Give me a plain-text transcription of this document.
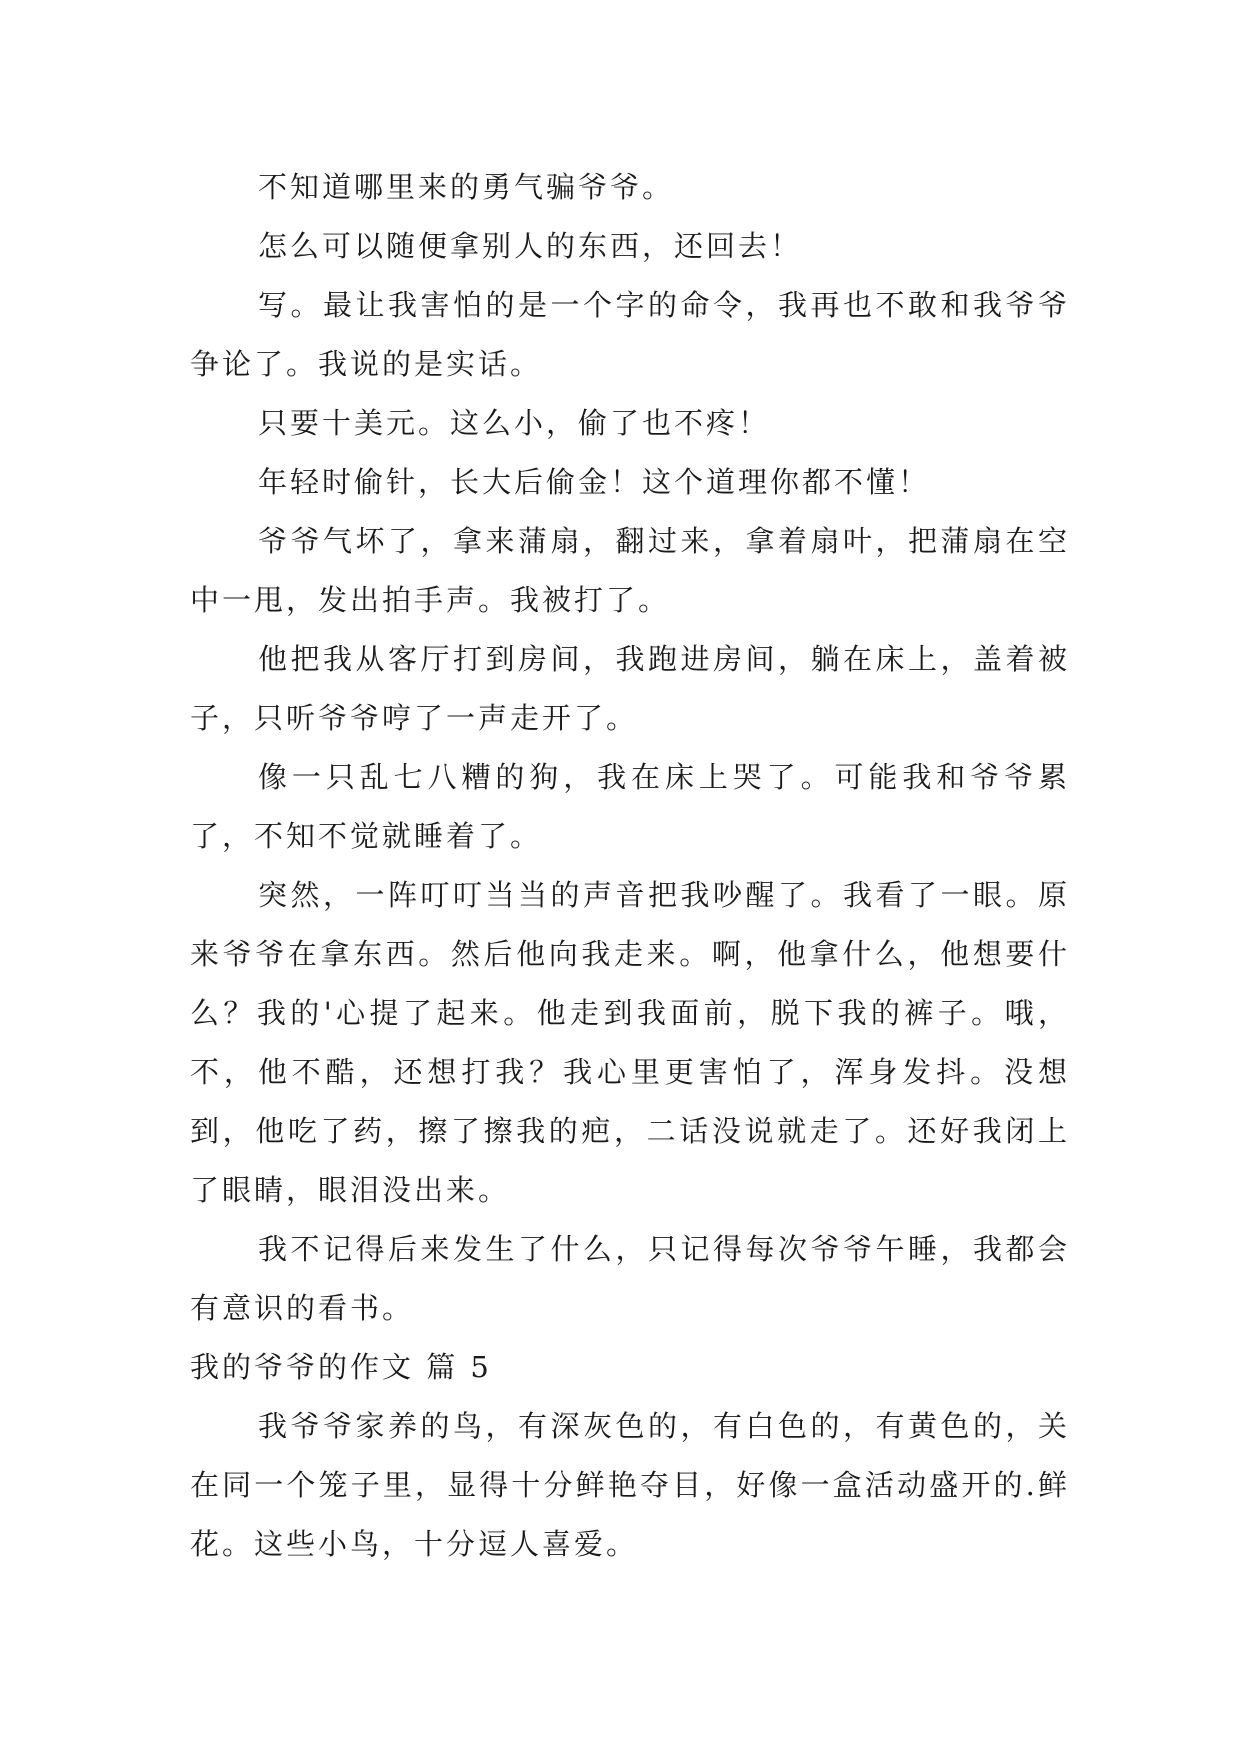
不知道哪里来的勇气骗爷爷。

怎么可以随便拿别人的东西，还回去！

写。最让我害怕的是一个字的命令，我再也不敢和我爷爷争论了。我说的是实话。

只要十美元。这么小，偷了也不疼！

年轻时偷针，长大后偷金！这个道理你都不懂！

爷爷气坏了，拿来蒲扇，翻过来，拿着扇叶，把蒲扇在空中一甩，发出拍手声。我被打了。

他把我从客厅打到房间，我跑进房间，躺在床上，盖着被子，只听爷爷哼了一声走开了。

像一只乱七八糟的狗，我在床上哭了。可能我和爷爷累了，不知不觉就睡着了。

突然，一阵叮叮当当的声音把我吵醒了。我看了一眼。原来爷爷在拿东西。然后他向我走来。啊，他拿什么，他想要什么？我的'心提了起来。他走到我面前，脱下我的裤子。哦，不，他不酷，还想打我？我心里更害怕了，浑身发抖。没想到，他吃了药，擦了擦我的疤，二话没说就走了。还好我闭上了眼睛，眼泪没出来。

我不记得后来发生了什么，只记得每次爷爷午睡，我都会有意识的看书。

我的爷爷的作文 篇 5

我爷爷家养的鸟，有深灰色的，有白色的，有黄色的，关在同一个笼子里，显得十分鲜艳夺目，好像一盒活动盛开的.鲜花。这些小鸟，十分逗人喜爱。
